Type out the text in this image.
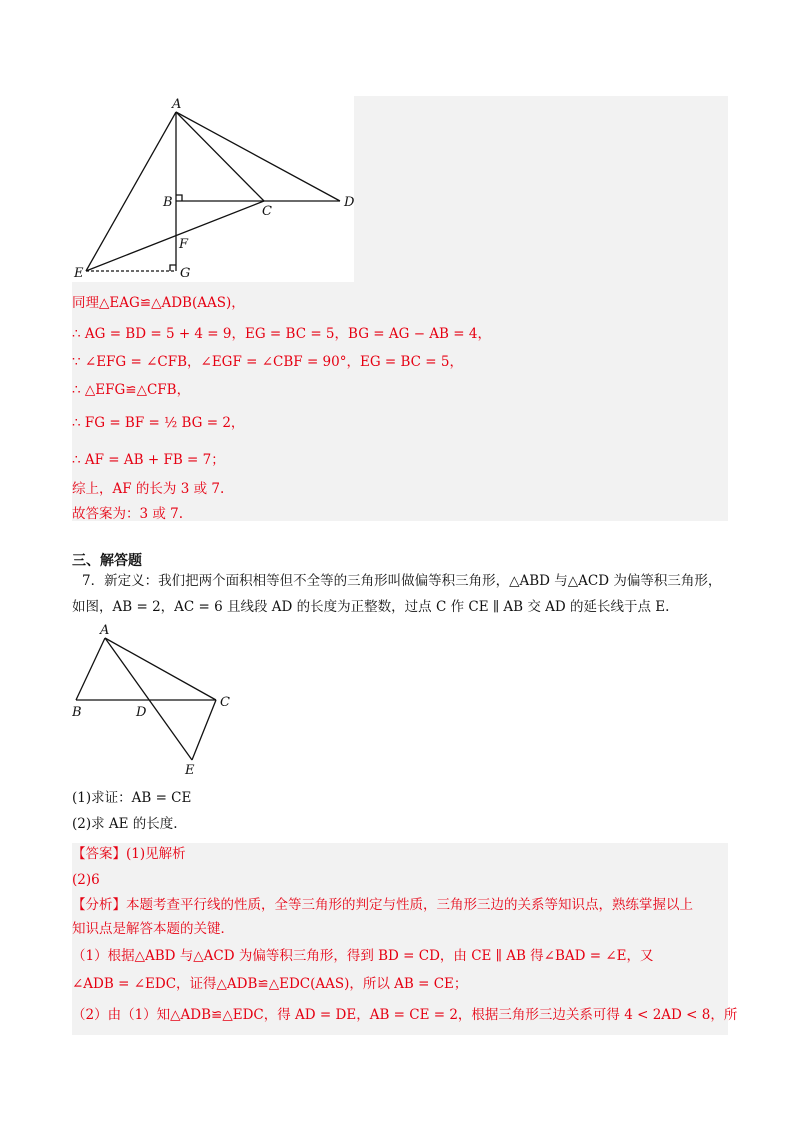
A
B
C
D
F
E	G
同理△EAG≌△ADB(AAS)，
∴ AG = BD = 5 + 4 = 9，EG = BC = 5，BG = AG − AB = 4，
∵ ∠EFG = ∠CFB，∠EGF = ∠CBF = 90°，EG = BC = 5，
∴ △EFG≌△CFB，
∴ FG = BF = ½ BG = 2，
∴ AF = AB + FB = 7；
综上，AF 的长为 3 或 7.
故答案为：3 或 7.
三、解答题
7．新定义：我们把两个面积相等但不全等的三角形叫做偏等积三角形，△ABD 与△ACD 为偏等积三角形，
如图，AB = 2，AC = 6 且线段 AD 的长度为正整数，过点 C 作 CE ∥ AB 交 AD 的延长线于点 E.
A
B	D
C
E
(1)求证：AB = CE
(2)求 AE 的长度.
【答案】(1)见解析
(2)6
【分析】本题考查平行线的性质，全等三角形的判定与性质，三角形三边的关系等知识点，熟练掌握以上
知识点是解答本题的关键．
（1）根据△ABD 与△ACD 为偏等积三角形，得到 BD = CD，由 CE ∥ AB 得∠BAD = ∠E，又
∠ADB = ∠EDC，证得△ADB≌△EDC(AAS)，所以 AB = CE；
（2）由（1）知△ADB≌△EDC，得 AD = DE，AB = CE = 2，根据三角形三边关系可得 4 < 2AD < 8，所
